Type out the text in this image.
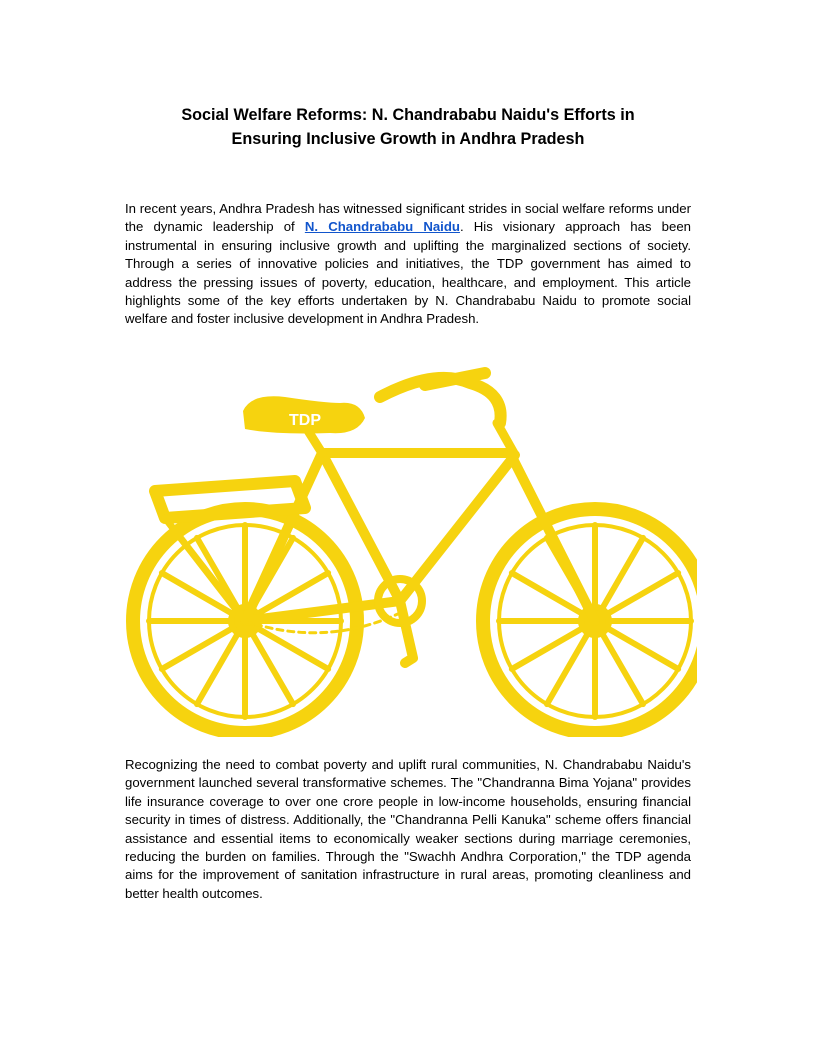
Social Welfare Reforms: N. Chandrababu Naidu's Efforts in
Ensuring Inclusive Growth in Andhra Pradesh

In recent years, Andhra Pradesh has witnessed significant strides in social welfare reforms under the dynamic leadership of N. Chandrababu Naidu. His visionary approach has been instrumental in ensuring inclusive growth and uplifting the marginalized sections of society. Through a series of innovative policies and initiatives, the TDP government has aimed to address the pressing issues of poverty, education, healthcare, and employment. This article highlights some of the key efforts undertaken by N. Chandrababu Naidu to promote social welfare and foster inclusive development in Andhra Pradesh.

TDP

Recognizing the need to combat poverty and uplift rural communities, N. Chandrababu Naidu's government launched several transformative schemes. The "Chandranna Bima Yojana" provides life insurance coverage to over one crore people in low-income households, ensuring financial security in times of distress. Additionally, the "Chandranna Pelli Kanuka" scheme offers financial assistance and essential items to economically weaker sections during marriage ceremonies, reducing the burden on families. Through the "Swachh Andhra Corporation," the TDP agenda aims for the improvement of sanitation infrastructure in rural areas, promoting cleanliness and better health outcomes.
